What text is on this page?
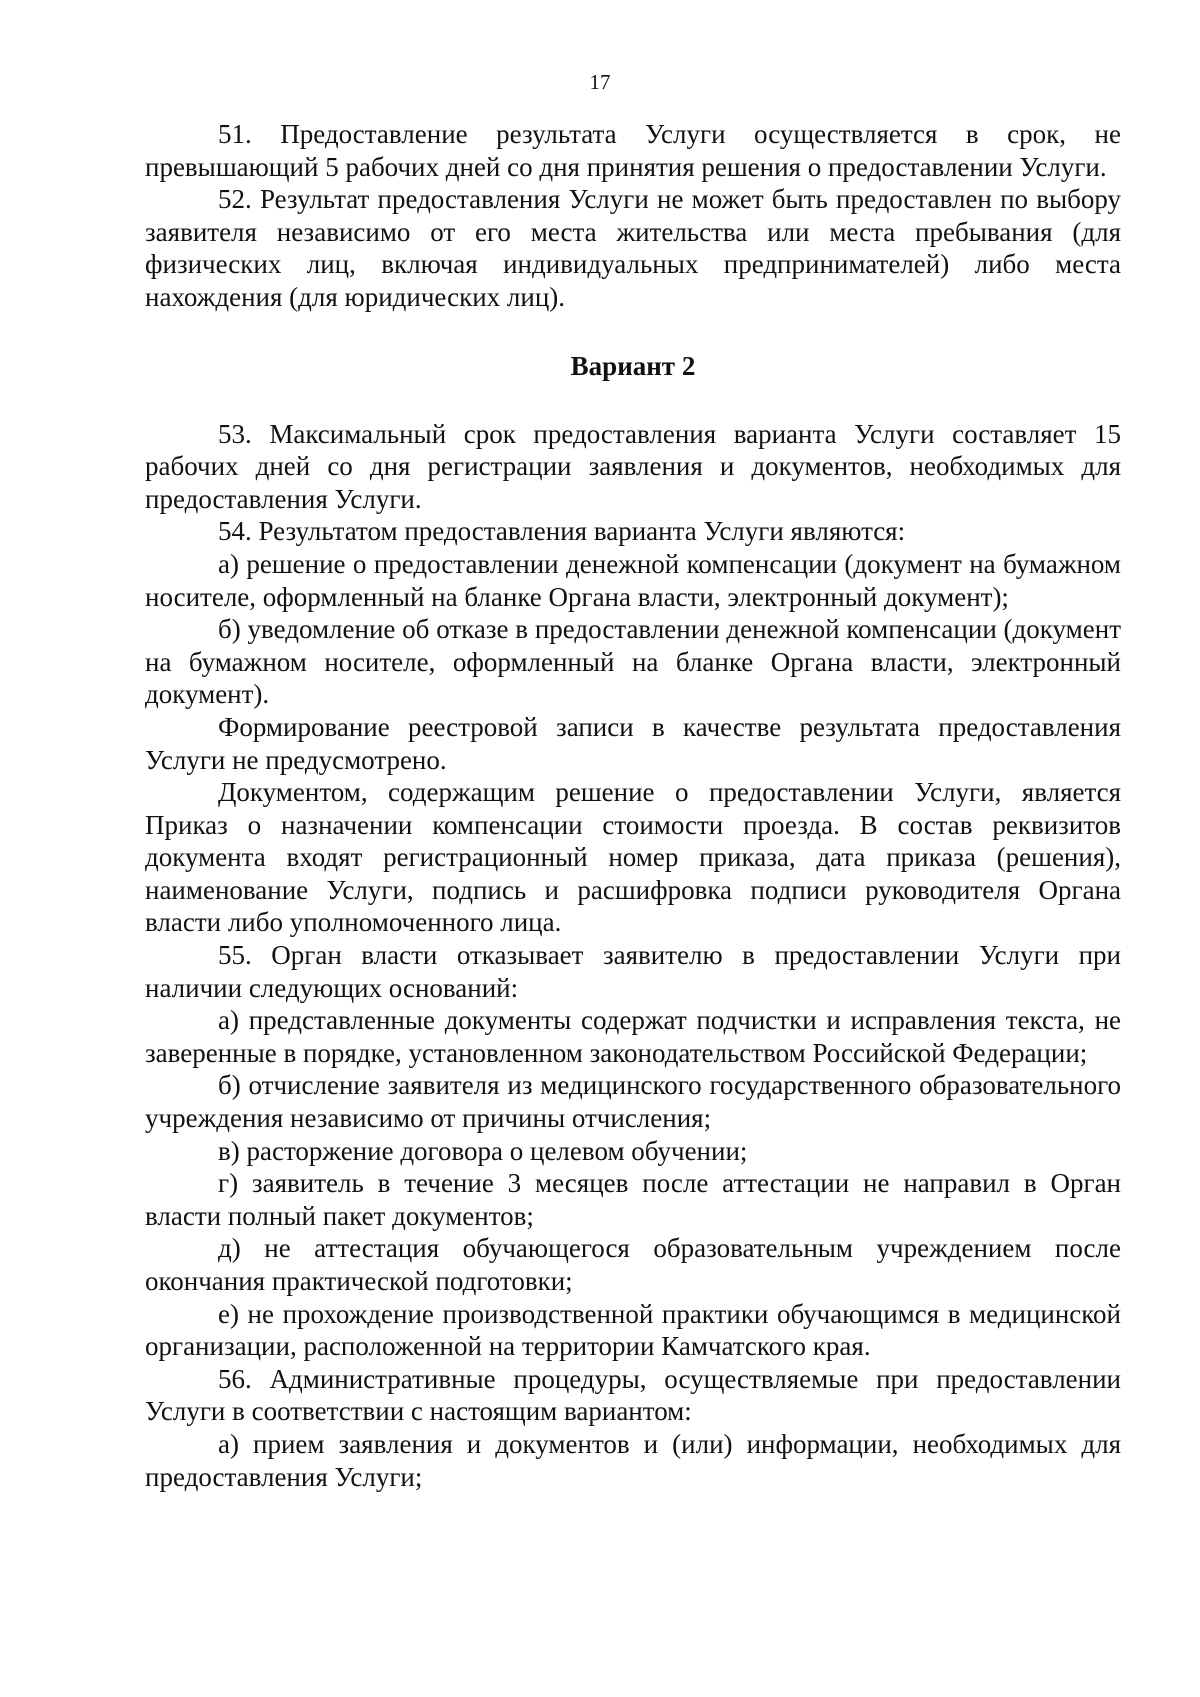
17

51. Предоставление результата Услуги осуществляется в срок, не превышающий 5 рабочих дней со дня принятия решения о предоставлении Услуги.

52. Результат предоставления Услуги не может быть предоставлен по выбору заявителя независимо от его места жительства или места пребывания (для физических лиц, включая индивидуальных предпринимателей) либо места нахождения (для юридических лиц).

Вариант 2

53. Максимальный срок предоставления варианта Услуги составляет 15 рабочих дней со дня регистрации заявления и документов, необходимых для предоставления Услуги.

54. Результатом предоставления варианта Услуги являются:

а) решение о предоставлении денежной компенсации (документ на бумажном носителе, оформленный на бланке Органа власти, электронный документ);

б) уведомление об отказе в предоставлении денежной компенсации (документ на бумажном носителе, оформленный на бланке Органа власти, электронный документ).

Формирование реестровой записи в качестве результата предоставления Услуги не предусмотрено.

Документом, содержащим решение о предоставлении Услуги, является Приказ о назначении компенсации стоимости проезда. В состав реквизитов документа входят регистрационный номер приказа, дата приказа (решения), наименование Услуги, подпись и расшифровка подписи руководителя Органа власти либо уполномоченного лица.

55. Орган власти отказывает заявителю в предоставлении Услуги при наличии следующих оснований:

а) представленные документы содержат подчистки и исправления текста, не заверенные в порядке, установленном законодательством Российской Федерации;

б) отчисление заявителя из медицинского государственного образовательного учреждения независимо от причины отчисления;

в) расторжение договора о целевом обучении;

г) заявитель в течение 3 месяцев после аттестации не направил в Орган власти полный пакет документов;

д) не аттестация обучающегося образовательным учреждением после окончания практической подготовки;

е) не прохождение производственной практики обучающимся в медицинской организации, расположенной на территории Камчатского края.

56. Административные процедуры, осуществляемые при предоставлении Услуги в соответствии с настоящим вариантом:

а) прием заявления и документов и (или) информации, необходимых для предоставления Услуги;
